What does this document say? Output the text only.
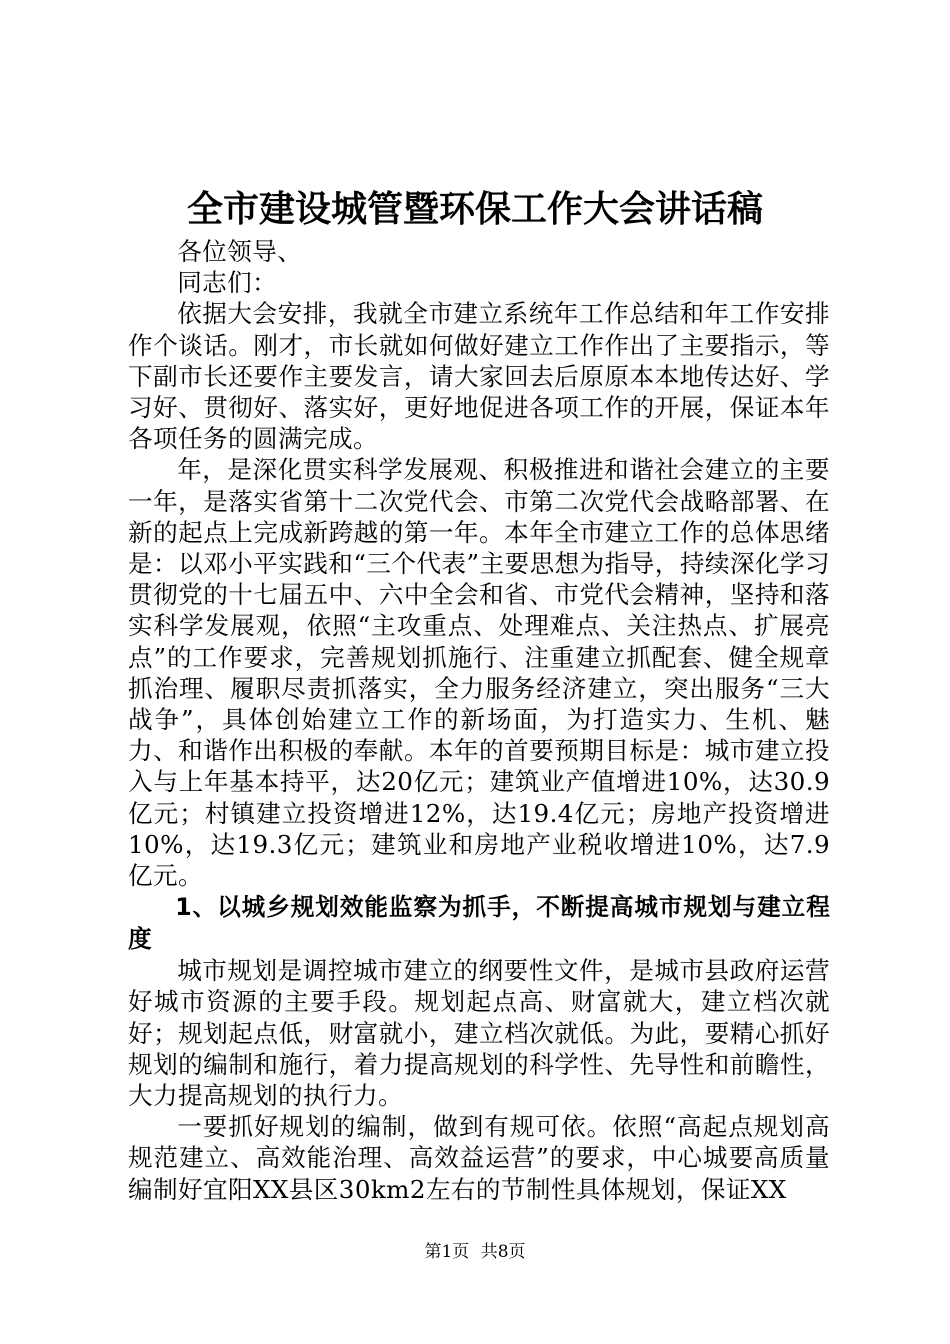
全市建设城管暨环保工作大会讲话稿

各位领导、

同志们：

依据大会安排，我就全市建立系统年工作总结和年工作安排作个谈话。刚才，市长就如何做好建立工作作出了主要指示，等下副市长还要作主要发言，请大家回去后原原本本地传达好、学习好、贯彻好、落实好，更好地促进各项工作的开展，保证本年各项任务的圆满完成。

年，是深化贯实科学发展观、积极推进和谐社会建立的主要一年，是落实省第十二次党代会、市第二次党代会战略部署、在新的起点上完成新跨越的第一年。本年全市建立工作的总体思绪是：以邓小平实践和“三个代表”主要思想为指导，持续深化学习贯彻党的十七届五中、六中全会和省、市党代会精神，坚持和落实科学发展观，依照“主攻重点、处理难点、关注热点、扩展亮点”的工作要求，完善规划抓施行、注重建立抓配套、健全规章抓治理、履职尽责抓落实，全力服务经济建立，突出服务“三大战争”，具体创始建立工作的新场面，为打造实力、生机、魅力、和谐作出积极的奉献。本年的首要预期目标是：城市建立投入与上年基本持平，达20亿元；建筑业产值增进10%，达30.9亿元；村镇建立投资增进12%，达19.4亿元；房地产投资增进10%，达19.3亿元；建筑业和房地产业税收增进10%，达7.9亿元。

1、以城乡规划效能监察为抓手，不断提高城市规划与建立程度

城市规划是调控城市建立的纲要性文件，是城市县政府运营好城市资源的主要手段。规划起点高、财富就大，建立档次就好；规划起点低，财富就小，建立档次就低。为此，要精心抓好规划的编制和施行，着力提高规划的科学性、先导性和前瞻性，大力提高规划的执行力。

一要抓好规划的编制，做到有规可依。依照“高起点规划高规范建立、高效能治理、高效益运营”的要求，中心城要高质量编制好宜阳XX县区30km2左右的节制性具体规划，保证XX

第1页 共8页
